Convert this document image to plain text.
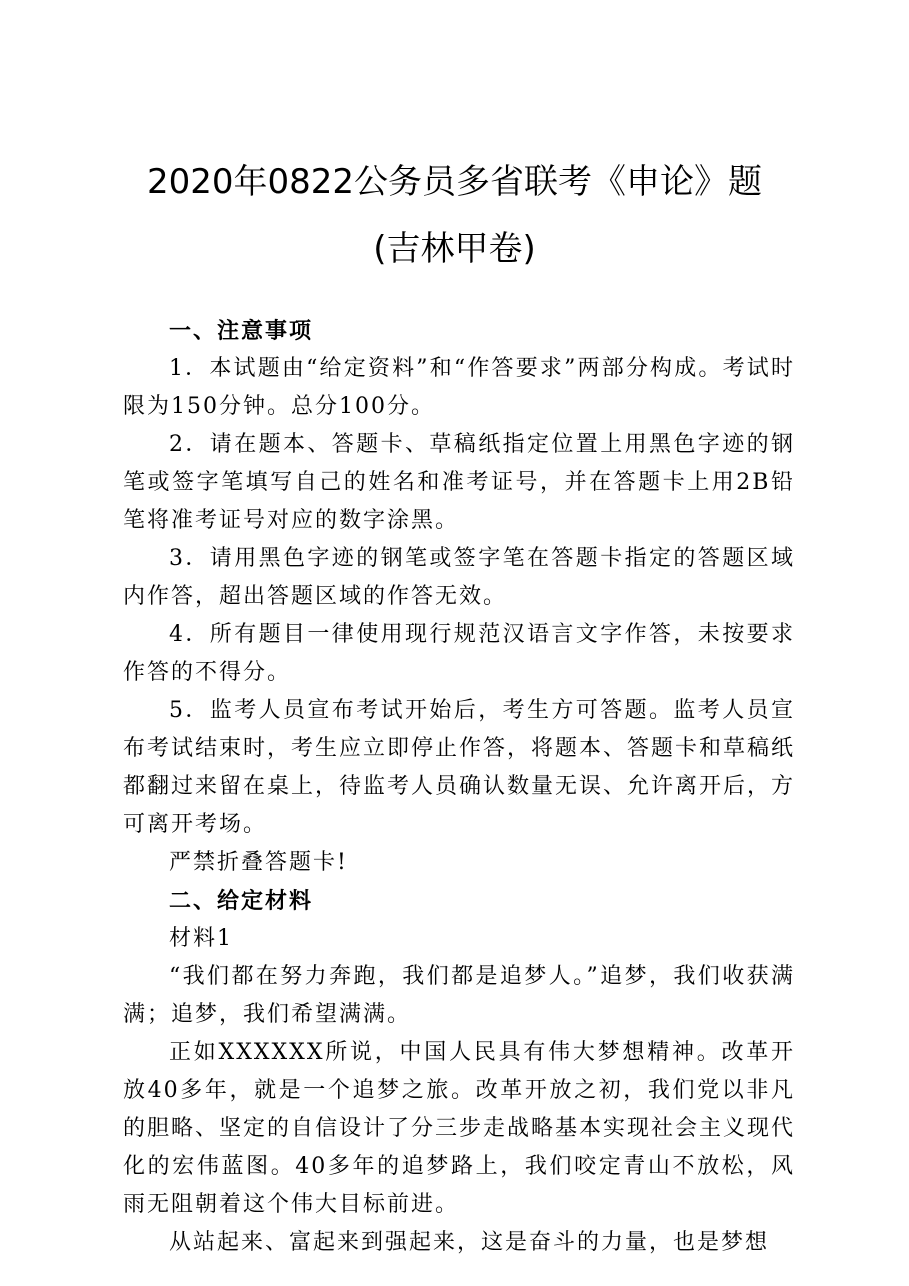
2020年0822公务员多省联考《申论》题
(吉林甲卷)

一、注意事项

1．本试题由“给定资料”和“作答要求”两部分构成。考试时限为150分钟。总分100分。

2．请在题本、答题卡、草稿纸指定位置上用黑色字迹的钢笔或签字笔填写自己的姓名和准考证号，并在答题卡上用2B铅笔将准考证号对应的数字涂黑。

3．请用黑色字迹的钢笔或签字笔在答题卡指定的答题区域内作答，超出答题区域的作答无效。

4．所有题目一律使用现行规范汉语言文字作答，未按要求作答的不得分。

5．监考人员宣布考试开始后，考生方可答题。监考人员宣布考试结束时，考生应立即停止作答，将题本、答题卡和草稿纸都翻过来留在桌上，待监考人员确认数量无误、允许离开后，方可离开考场。

严禁折叠答题卡!

二、给定材料

材料1

“我们都在努力奔跑，我们都是追梦人。”追梦，我们收获满满；追梦，我们希望满满。

正如XXXXXX所说，中国人民具有伟大梦想精神。改革开放40多年，就是一个追梦之旅。改革开放之初，我们党以非凡的胆略、坚定的自信设计了分三步走战略基本实现社会主义现代化的宏伟蓝图。40多年的追梦路上，我们咬定青山不放松，风雨无阻朝着这个伟大目标前进。

从站起来、富起来到强起来，这是奋斗的力量，也是梦想
